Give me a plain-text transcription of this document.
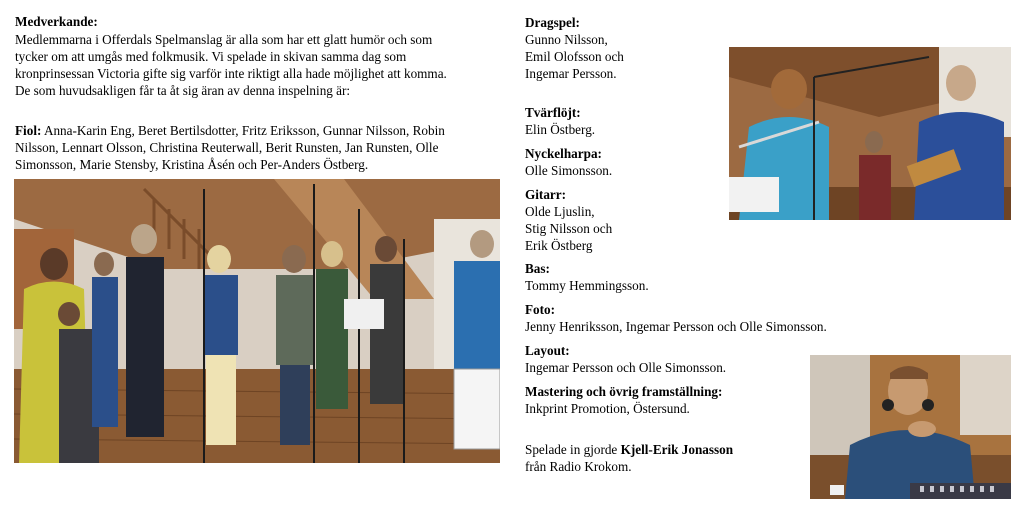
Medverkande:
Medlemmarna i Offerdals Spelmanslag är alla som har ett glatt humör och som
tycker om att umgås med folkmusik. Vi spelade in skivan samma dag som
kronprinsessan Victoria gifte sig varför inte riktigt alla hade möjlighet att komma.
De som huvudsakligen får ta åt sig äran av denna inspelning är:
Fiol: Anna-Karin Eng, Beret Bertilsdotter, Fritz Eriksson, Gunnar Nilsson, Robin
Nilsson, Lennart Olsson, Christina Reuterwall, Berit Runsten, Jan Runsten, Olle
Simonsson, Marie Stensby, Kristina Åsén och Per-Anders Östberg.
Dragspel:
Gunno Nilsson,
Emil Olofsson och
Ingemar Persson.
Tvärflöjt:
Elin Östberg.
Nyckelharpa:
Olle Simonsson.
Gitarr:
Olde Ljuslin,
Stig Nilsson och
Erik Östberg
Bas:
Tommy Hemmingsson.
Foto:
Jenny Henriksson, Ingemar Persson och Olle Simonsson.
Layout:
Ingemar Persson och Olle Simonsson.
Mastering och övrig framställning:
Inkprint Promotion, Östersund.
Spelade in gjorde Kjell-Erik Jonasson
från Radio Krokom.
